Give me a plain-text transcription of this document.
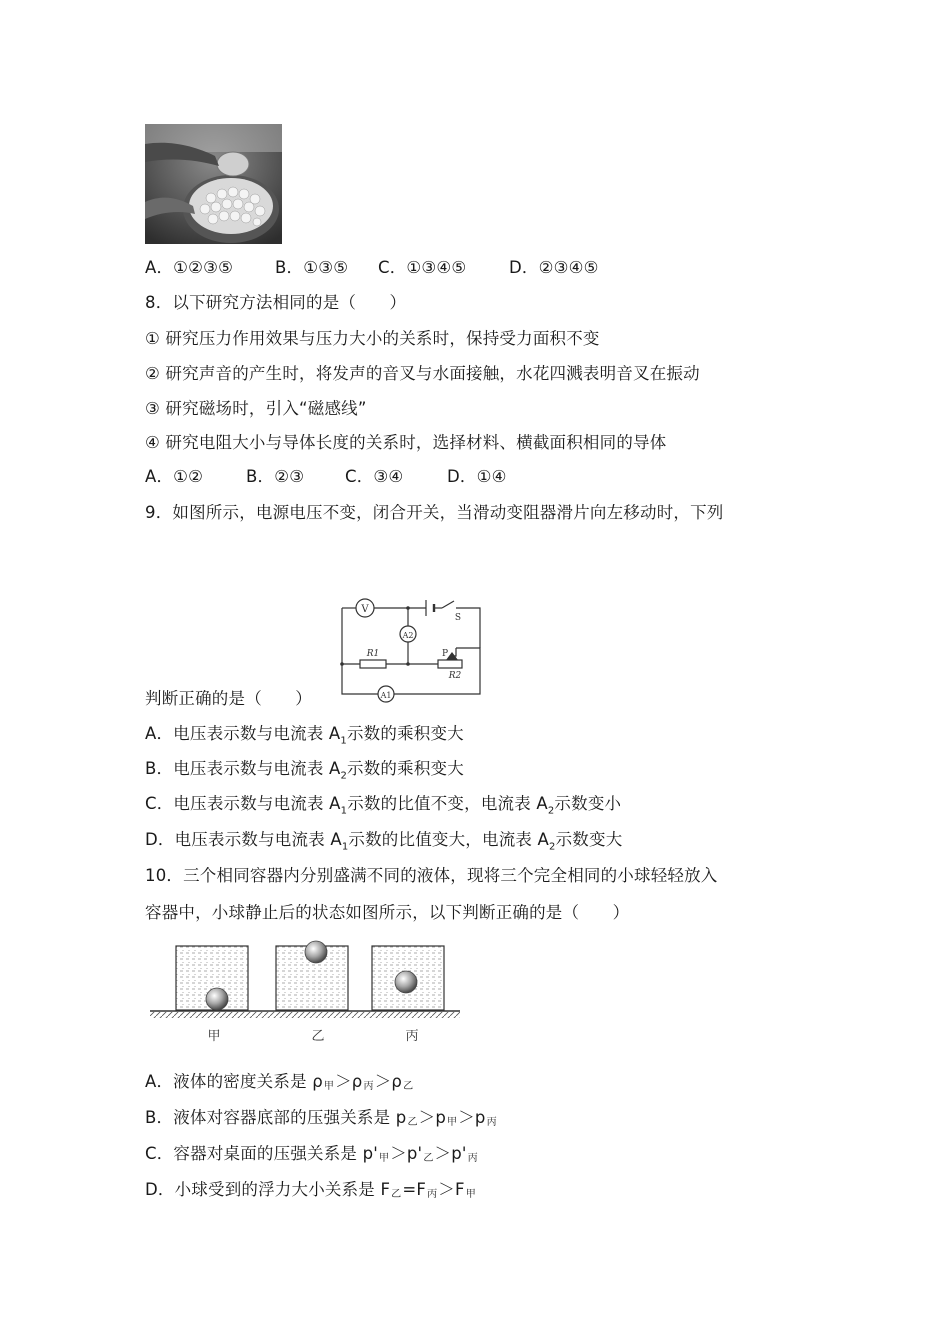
A．①②③⑤	B．①③⑤ C．①③④⑤	D．②③④⑤
8．以下研究方法相同的是（　　）
① 研究压力作用效果与压力大小的关系时，保持受力面积不变
② 研究声音的产生时，将发声的音叉与水面接触，水花四溅表明音叉在振动
③ 研究磁场时，引入“磁感线”
④ 研究电阻大小与导体长度的关系时，选择材料、横截面积相同的导体
A．①②	B．②③ C．③④	D．①④
9．如图所示，电源电压不变，闭合开关，当滑动变阻器滑片向左移动时，下列
V
A2
A1
S
R1	P
R2
判断正确的是（　　）
A．电压表示数与电流表 $A_1$示数的乘积变大
B．电压表示数与电流表 $A_2$示数的乘积变大
C．电压表示数与电流表 $A_1$示数的比值不变，电流表 $A_2$示数变小
D．电压表示数与电流表 $A_1$示数的比值变大，电流表 $A_2$示数变大
10．三个相同容器内分别盛满不同的液体，现将三个完全相同的小球轻轻放入
容器中，小球静止后的状态如图所示，以下判断正确的是（　　）
甲	乙	丙
A．液体的密度关系是 ρ甲＞ρ丙＞ρ乙
B．液体对容器底部的压强关系是 p乙＞p甲＞p丙
C．容器对桌面的压强关系是 p'甲＞p'乙＞p'丙
D．小球受到的浮力大小关系是 F乙=F丙＞F甲
